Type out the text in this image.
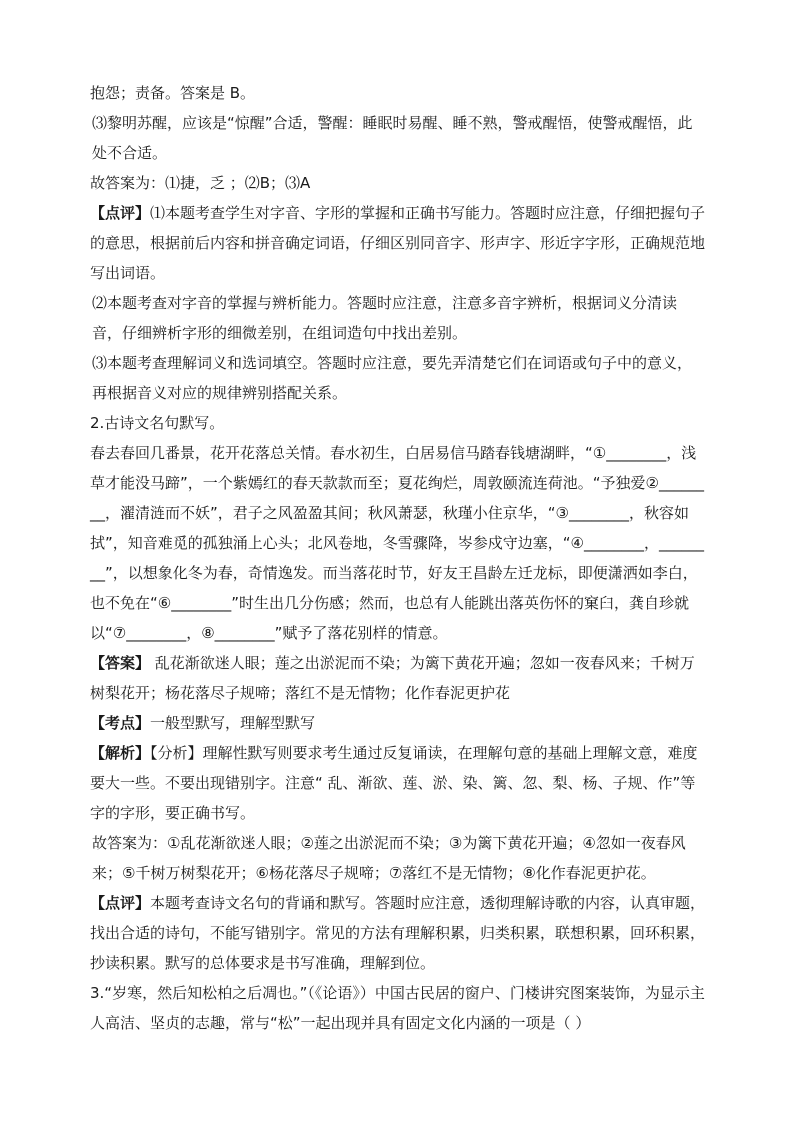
抱怨；责备。答案是 B。

⑶黎明苏醒，应该是“惊醒”合适，警醒：睡眠时易醒、睡不熟，警戒醒悟，使警戒醒悟，此处不合适。

故答案为：⑴捷，乏 ；⑵B；⑶A

【点评】⑴本题考查学生对字音、字形的掌握和正确书写能力。答题时应注意，仔细把握句子的意思，根据前后内容和拼音确定词语，仔细区别同音字、形声字、形近字字形，正确规范地写出词语。

⑵本题考查对字音的掌握与辨析能力。答题时应注意，注意多音字辨析，根据词义分清读音，仔细辨析字形的细微差别，在组词造句中找出差别。

⑶本题考查理解词义和选词填空。答题时应注意，要先弄清楚它们在词语或句子中的意义，再根据音义对应的规律辨别搭配关系。

2.古诗文名句默写。

春去春回几番景，花开花落总关情。春水初生，白居易信马踏春钱塘湖畔，“①________，浅草才能没马蹄”，一个紫嫣红的春天款款而至；夏花绚烂，周敦颐流连荷池。“予独爱②________，濯清涟而不妖”，君子之风盈盈其间；秋风萧瑟，秋瑾小住京华，“③________，秋容如拭”，知音难觅的孤独涌上心头；北风卷地，冬雪骤降，岑参戍守边塞，“④________，________”，以想象化冬为春，奇情逸发。而当落花时节，好友王昌龄左迁龙标，即便潇洒如李白，也不免在“⑥________”时生出几分伤感；然而，也总有人能跳出落英伤怀的窠臼，龚自珍就以“⑦________，⑧________”赋予了落花别样的情意。

【答案】 乱花渐欲迷人眼；莲之出淤泥而不染；为篱下黄花开遍；忽如一夜春风来；千树万树梨花开；杨花落尽子规啼；落红不是无情物；化作春泥更护花

【考点】一般型默写，理解型默写

【解析】【分析】理解性默写则要求考生通过反复诵读，在理解句意的基础上理解文意，难度要大一些。不要出现错别字。注意“ 乱、渐欲、莲、淤、染、篱、忽、梨、杨、子规、作”等字的字形，要正确书写。

故答案为：①乱花渐欲迷人眼；②莲之出淤泥而不染；③为篱下黄花开遍；④忽如一夜春风来；⑤千树万树梨花开；⑥杨花落尽子规啼；⑦落红不是无情物；⑧化作春泥更护花。

【点评】本题考查诗文名句的背诵和默写。答题时应注意，透彻理解诗歌的内容，认真审题，找出合适的诗句，不能写错别字。常见的方法有理解积累，归类积累，联想积累，回环积累，抄读积累。默写的总体要求是书写准确，理解到位。

3.“岁寒，然后知松柏之后凋也。”（《论语》）中国古民居的窗户、门楼讲究图案装饰，为显示主人高洁、坚贞的志趣，常与“松”一起出现并具有固定文化内涵的一项是（ ）
